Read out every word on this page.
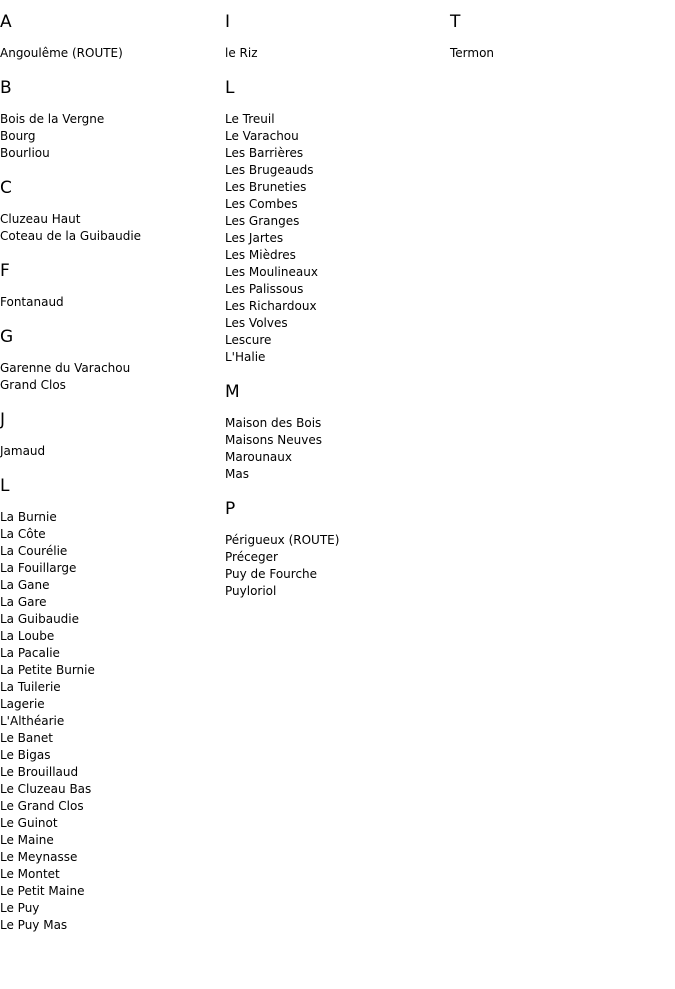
A
Angoulême (ROUTE)
B
Bois de la Vergne
Bourg
Bourliou
C
Cluzeau Haut
Coteau de la Guibaudie
F
Fontanaud
G
Garenne du Varachou
Grand Clos
J
Jamaud
L
La Burnie
La Côte
La Courélie
La Fouillarge
La Gane
La Gare
La Guibaudie
La Loube
La Pacalie
La Petite Burnie
La Tuilerie
Lagerie
L'Althéarie
Le Banet
Le Bigas
Le Brouillaud
Le Cluzeau Bas
Le Grand Clos
Le Guinot
Le Maine
Le Meynasse
Le Montet
Le Petit Maine
Le Puy
Le Puy Mas
I
le Riz
L
Le Treuil
Le Varachou
Les Barrières
Les Brugeauds
Les Bruneties
Les Combes
Les Granges
Les Jartes
Les Mièdres
Les Moulineaux
Les Palissous
Les Richardoux
Les Volves
Lescure
L'Halie
M
Maison des Bois
Maisons Neuves
Marounaux
Mas
P
Périgueux (ROUTE)
Préceger
Puy de Fourche
Puyloriol
T
Termon
